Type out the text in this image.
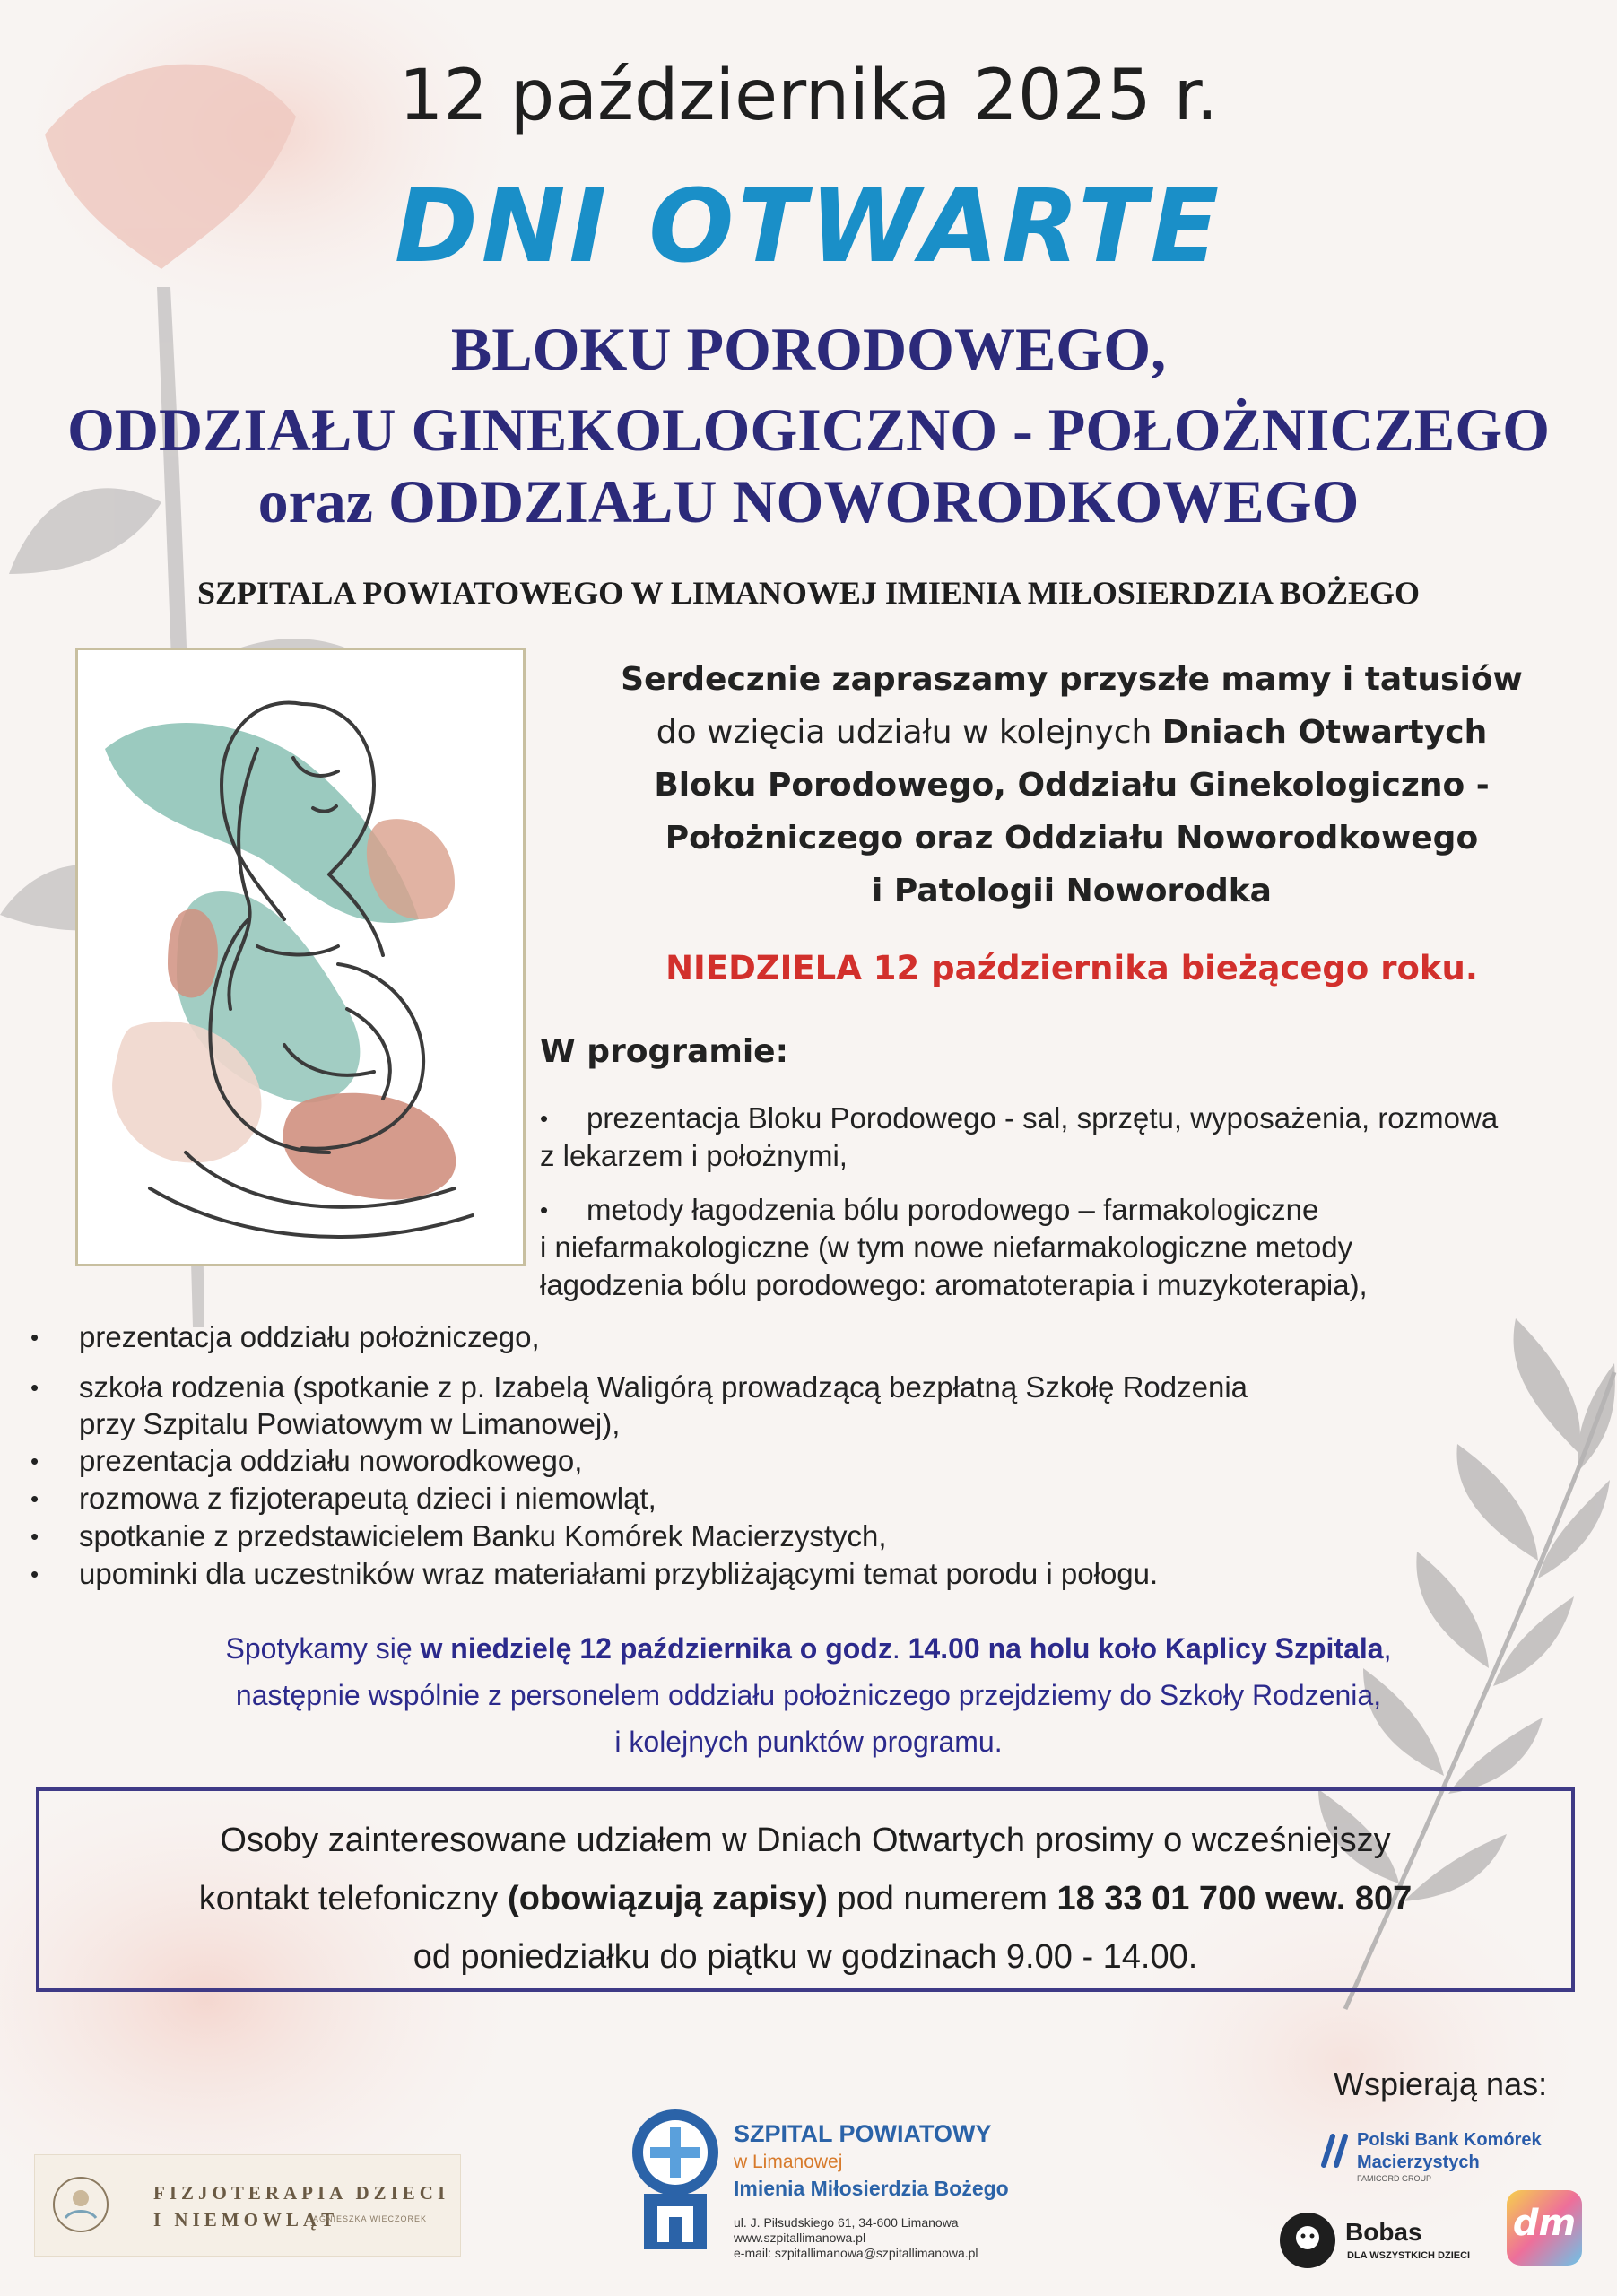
12 października 2025 r.
DNI OTWARTE
BLOKU PORODOWEGO,
ODDZIAŁU GINEKOLOGICZNO - POŁOŻNICZEGO
oraz ODDZIAŁU NOWORODKOWEGO
SZPITALA POWIATOWEGO W LIMANOWEJ IMIENIA MIŁOSIERDZIA BOŻEGO
Serdecznie zapraszamy przyszłe mamy i tatusiów
do wzięcia udziału w kolejnych Dniach Otwartych
Bloku Porodowego, Oddziału Ginekologiczno -
Położniczego oraz Oddziału Noworodkowego
i Patologii Noworodka
NIEDZIELA 12 października bieżącego roku.
W programie:
• prezentacja Bloku Porodowego - sal, sprzętu, wyposażenia, rozmowa
z lekarzem i położnymi,
• metody łagodzenia bólu porodowego – farmakologiczne
i niefarmakologiczne (w tym nowe niefarmakologiczne metody
łagodzenia bólu porodowego: aromatoterapia i muzykoterapia),
• prezentacja oddziału położniczego,
• szkoła rodzenia (spotkanie z p. Izabelą Waligórą prowadzącą bezpłatną Szkołę Rodzenia
przy Szpitalu Powiatowym w Limanowej),
• prezentacja oddziału noworodkowego,
• rozmowa z fizjoterapeutą dzieci i niemowląt,
• spotkanie z przedstawicielem Banku Komórek Macierzystych,
• upominki dla uczestników wraz materiałami przybliżającymi temat porodu i połogu.
Spotykamy się w niedzielę 12 października o godz. 14.00 na holu koło Kaplicy Szpitala,
następnie wspólnie z personelem oddziału położniczego przejdziemy do Szkoły Rodzenia,
i kolejnych punktów programu.
Osoby zainteresowane udziałem w Dniach Otwartych prosimy o wcześniejszy
kontakt telefoniczny (obowiązują zapisy) pod numerem 18 33 01 700 wew. 807
od poniedziałku do piątku w godzinach 9.00 - 14.00.
Wspierają nas:
FIZJOTERAPIA DZIECI
I NIEMOWLĄT
AGNIESZKA WIECZOREK
SZPITAL POWIATOWY
w Limanowej
Imienia Miłosierdzia Bożego
ul. J. Piłsudskiego 61, 34-600 Limanowa
www.szpitallimanowa.pl
e-mail: szpitallimanowa@szpitallimanowa.pl
Polski Bank Komórek
Macierzystych
FAMICORD GROUP
Bobas
DLA WSZYSTKICH DZIECI
dm
